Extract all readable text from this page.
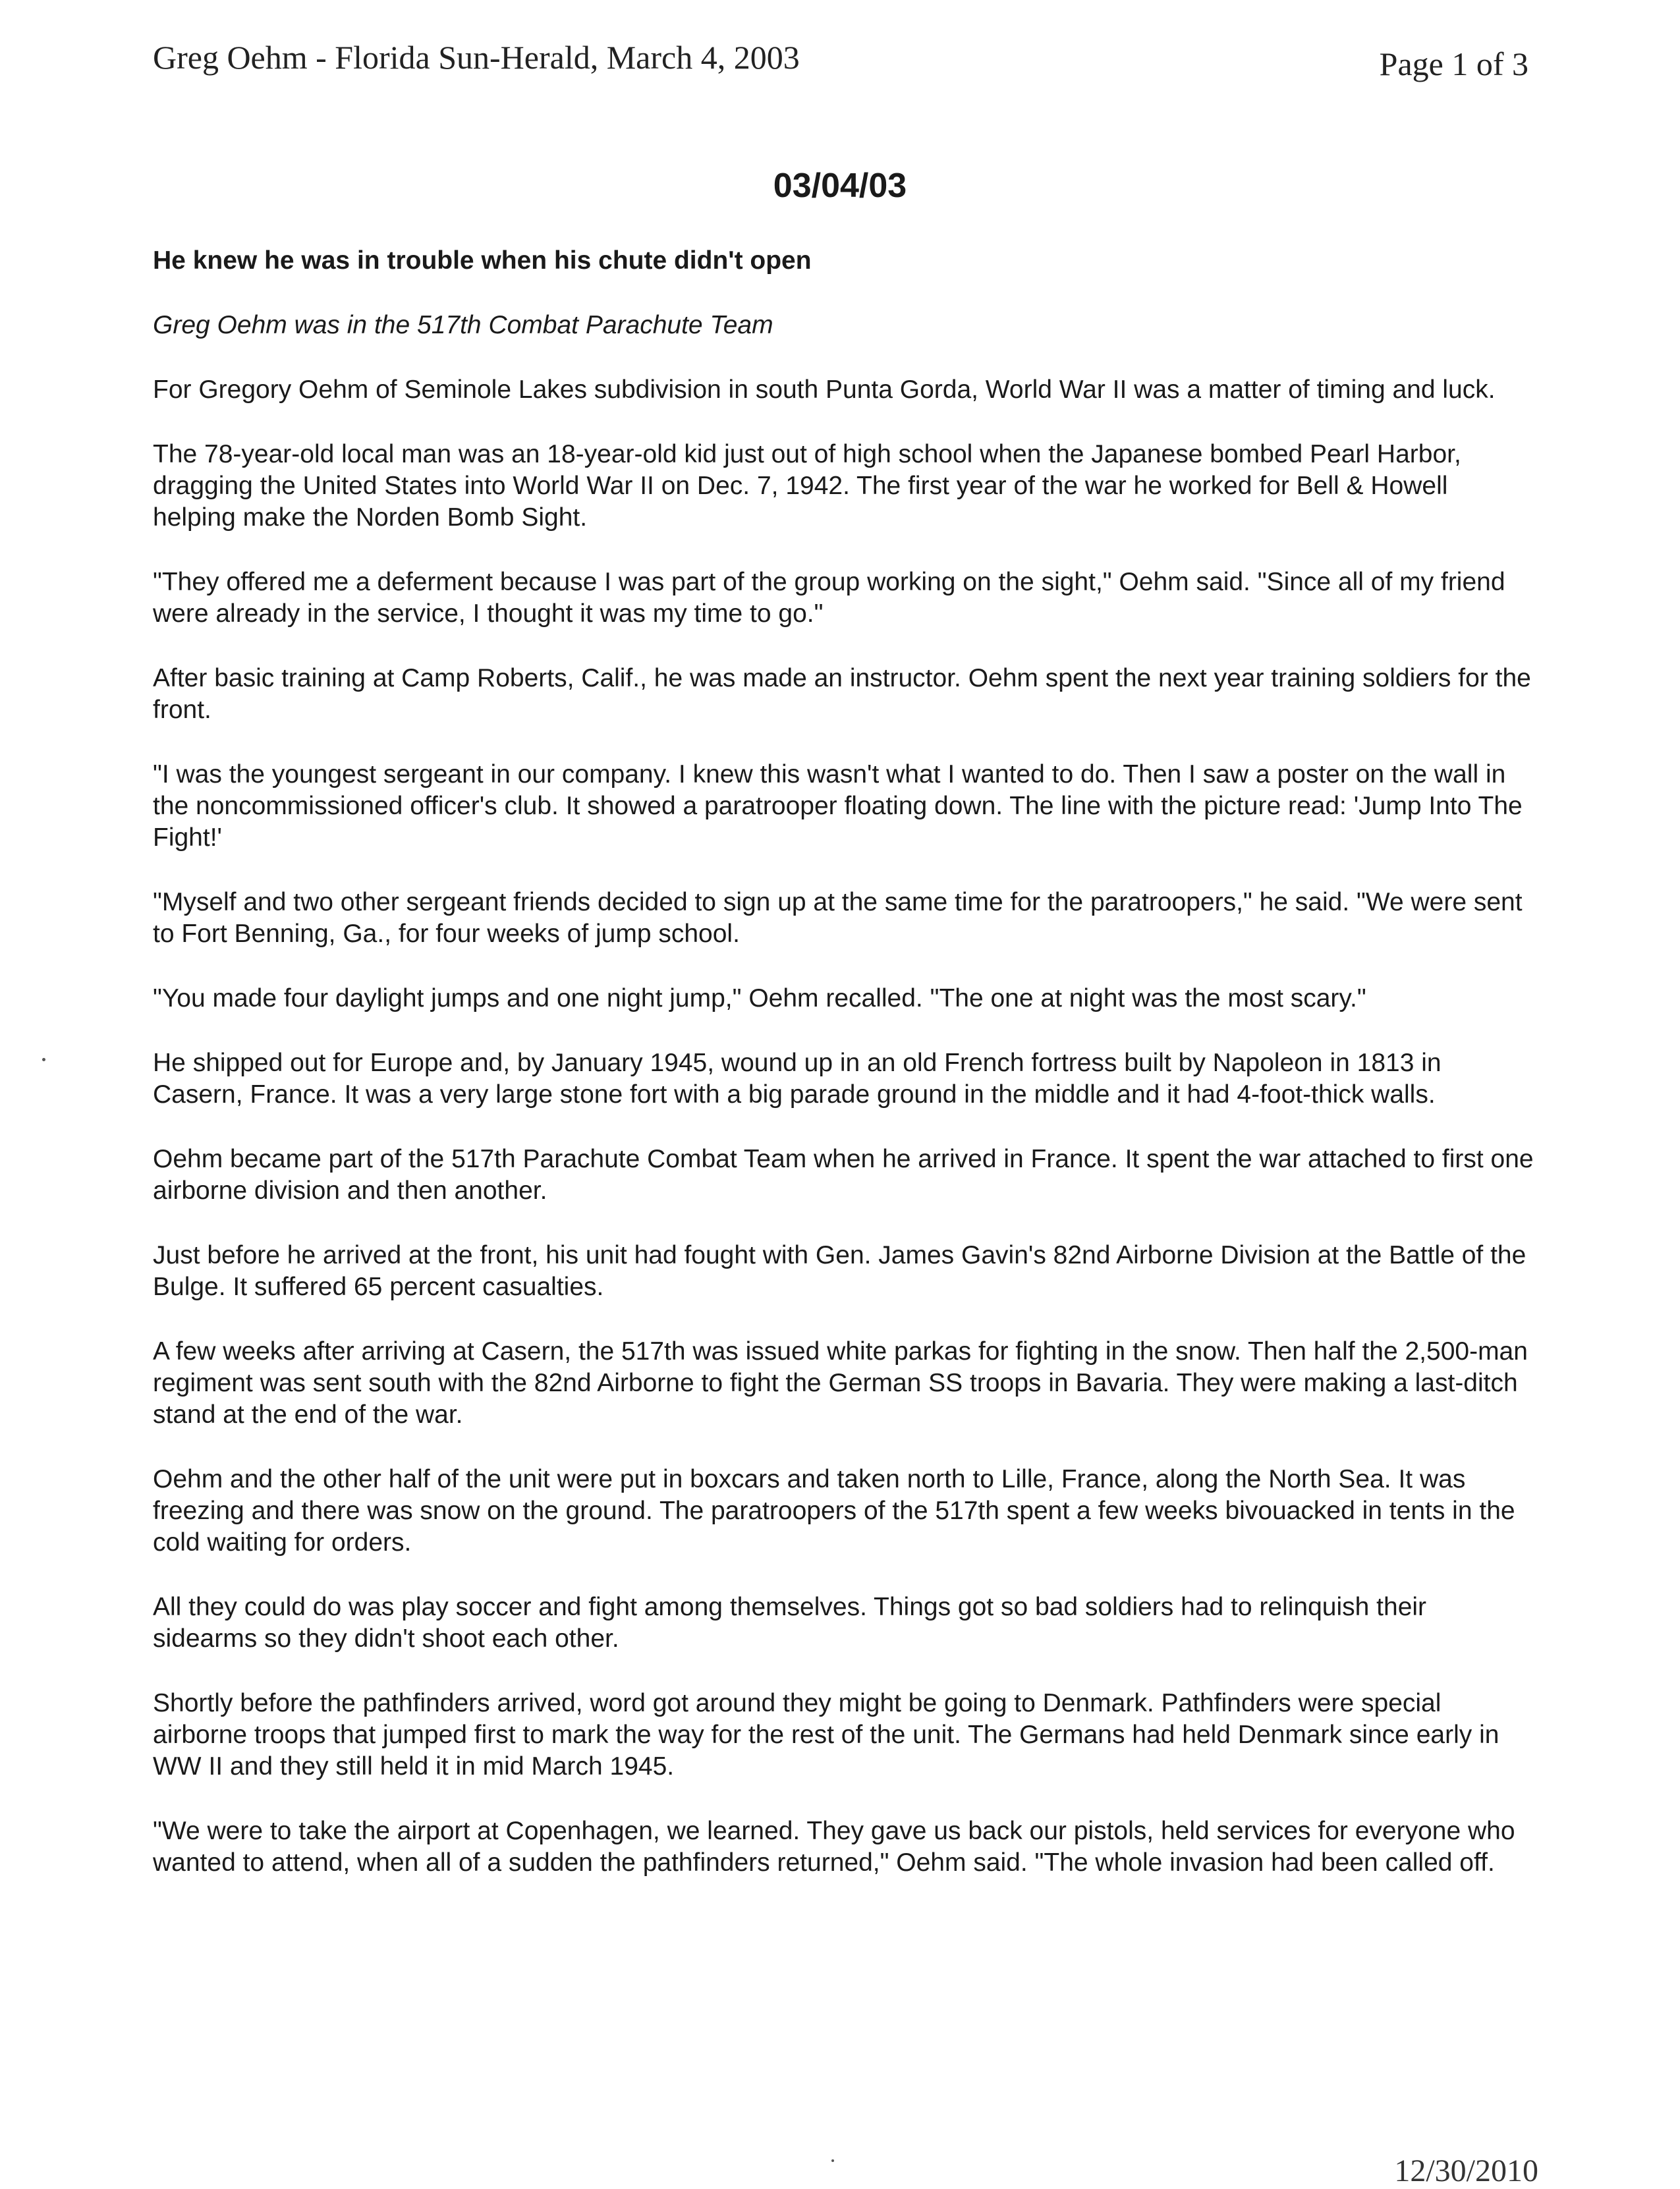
Greg Oehm - Florida Sun-Herald, March 4, 2003	Page 1 of 3
03/04/03

He knew he was in trouble when his chute didn't open

Greg Oehm was in the 517th Combat Parachute Team

For Gregory Oehm of Seminole Lakes subdivision in south Punta Gorda, World War II was a matter of timing and luck.

The 78-year-old local man was an 18-year-old kid just out of high school when the Japanese bombed Pearl Harbor, dragging the United States into World War II on Dec. 7, 1942. The first year of the war he worked for Bell & Howell helping make the Norden Bomb Sight.

"They offered me a deferment because I was part of the group working on the sight," Oehm said. "Since all of my friend were already in the service, I thought it was my time to go."

After basic training at Camp Roberts, Calif., he was made an instructor. Oehm spent the next year training soldiers for the front.

"I was the youngest sergeant in our company. I knew this wasn't what I wanted to do. Then I saw a poster on the wall in the noncommissioned officer's club. It showed a paratrooper floating down. The line with the picture read: 'Jump Into The Fight!'

"Myself and two other sergeant friends decided to sign up at the same time for the paratroopers," he said. "We were sent to Fort Benning, Ga., for four weeks of jump school.

"You made four daylight jumps and one night jump," Oehm recalled. "The one at night was the most scary."

He shipped out for Europe and, by January 1945, wound up in an old French fortress built by Napoleon in 1813 in Casern, France. It was a very large stone fort with a big parade ground in the middle and it had 4-foot-thick walls.

Oehm became part of the 517th Parachute Combat Team when he arrived in France. It spent the war attached to first one airborne division and then another.

Just before he arrived at the front, his unit had fought with Gen. James Gavin's 82nd Airborne Division at the Battle of the Bulge. It suffered 65 percent casualties.

A few weeks after arriving at Casern, the 517th was issued white parkas for fighting in the snow. Then half the 2,500-man regiment was sent south with the 82nd Airborne to fight the German SS troops in Bavaria. They were making a last-ditch stand at the end of the war.

Oehm and the other half of the unit were put in boxcars and taken north to Lille, France, along the North Sea. It was freezing and there was snow on the ground. The paratroopers of the 517th spent a few weeks bivouacked in tents in the cold waiting for orders.

All they could do was play soccer and fight among themselves. Things got so bad soldiers had to relinquish their sidearms so they didn't shoot each other.

Shortly before the pathfinders arrived, word got around they might be going to Denmark. Pathfinders were special airborne troops that jumped first to mark the way for the rest of the unit. The Germans had held Denmark since early in WW II and they still held it in mid March 1945.

"We were to take the airport at Copenhagen, we learned. They gave us back our pistols, held services for everyone who wanted to attend, when all of a sudden the pathfinders returned," Oehm said. "The whole invasion had been called off.

12/30/2010
